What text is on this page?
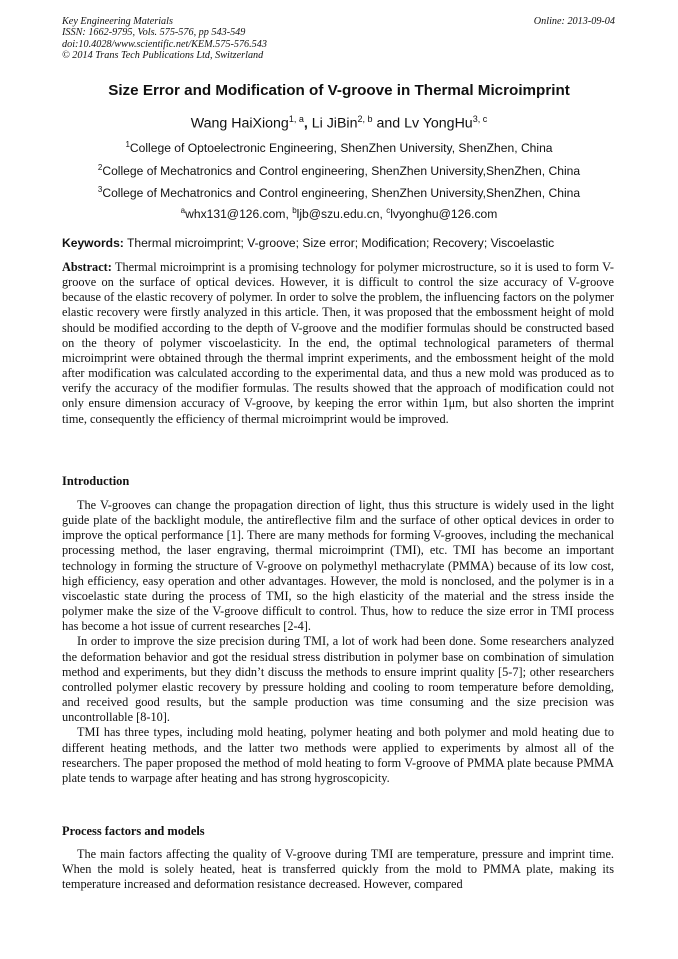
Key Engineering Materials
ISSN: 1662-9795, Vols. 575-576, pp 543-549
doi:10.4028/www.scientific.net/KEM.575-576.543
© 2014 Trans Tech Publications Ltd, Switzerland
Online: 2013-09-04
Size Error and Modification of V-groove in Thermal Microimprint
Wang HaiXiong$^{1, a}$, Li JiBin$^{2, b}$ and Lv YongHu$^{3, c}$
$^1$College of Optoelectronic Engineering, ShenZhen University, ShenZhen, China
$^2$College of Mechatronics and Control engineering, ShenZhen University,ShenZhen, China
$^3$College of Mechatronics and Control engineering, ShenZhen University,ShenZhen, China
$^a$whx131@126.com, $^b$ljb@szu.edu.cn, $^c$lvyonghu@126.com
Keywords: Thermal microimprint; V-groove; Size error; Modification; Recovery; Viscoelastic
Abstract: Thermal microimprint is a promising technology for polymer microstructure, so it is used to form V-groove on the surface of optical devices. However, it is difficult to control the size accuracy of V-groove because of the elastic recovery of polymer. In order to solve the problem, the influencing factors on the polymer elastic recovery were firstly analyzed in this article. Then, it was proposed that the embossment height of mold should be modified according to the depth of V-groove and the modifier formulas should be constructed based on the theory of polymer viscoelasticity. In the end, the optimal technological parameters of thermal microimprint were obtained through the thermal imprint experiments, and the embossment height of the mold after modification was calculated according to the experimental data, and thus a new mold was produced as to verify the accuracy of the modifier formulas. The results showed that the approach of modification could not only ensure dimension accuracy of V-groove, by keeping the error within 1μm, but also shorten the imprint time, consequently the efficiency of thermal microimprint would be improved.
Introduction

The V-grooves can change the propagation direction of light, thus this structure is widely used in the light guide plate of the backlight module, the antireflective film and the surface of other optical devices in order to improve the optical performance [1]. There are many methods for forming V-grooves, including the mechanical processing method, the laser engraving, thermal microimprint (TMI), etc. TMI has become an important technology in forming the structure of V-groove on polymethyl methacrylate (PMMA) because of its low cost, high efficiency, easy operation and other advantages. However, the mold is nonclosed, and the polymer is in a viscoelastic state during the process of TMI, so the high elasticity of the material and the stress inside the polymer make the size of the V-groove difficult to control. Thus, how to reduce the size error in TMI process has become a hot issue of current researches [2-4].

In order to improve the size precision during TMI, a lot of work had been done. Some researchers analyzed the deformation behavior and got the residual stress distribution in polymer base on combination of simulation method and experiments, but they didn’t discuss the methods to ensure imprint quality [5-7]; other researchers controlled polymer elastic recovery by pressure holding and cooling to room temperature before demolding, and received good results, but the sample production was time consuming and the size precision was uncontrollable [8-10].

TMI has three types, including mold heating, polymer heating and both polymer and mold heating due to different heating methods, and the latter two methods were applied to experiments by almost all of the researchers. The paper proposed the method of mold heating to form V-groove of PMMA plate because PMMA plate tends to warpage after heating and has strong hygroscopicity.

Process factors and models

The main factors affecting the quality of V-groove during TMI are temperature, pressure and imprint time. When the mold is solely heated, heat is transferred quickly from the mold to PMMA plate, making its temperature increased and deformation resistance decreased. However, compared
